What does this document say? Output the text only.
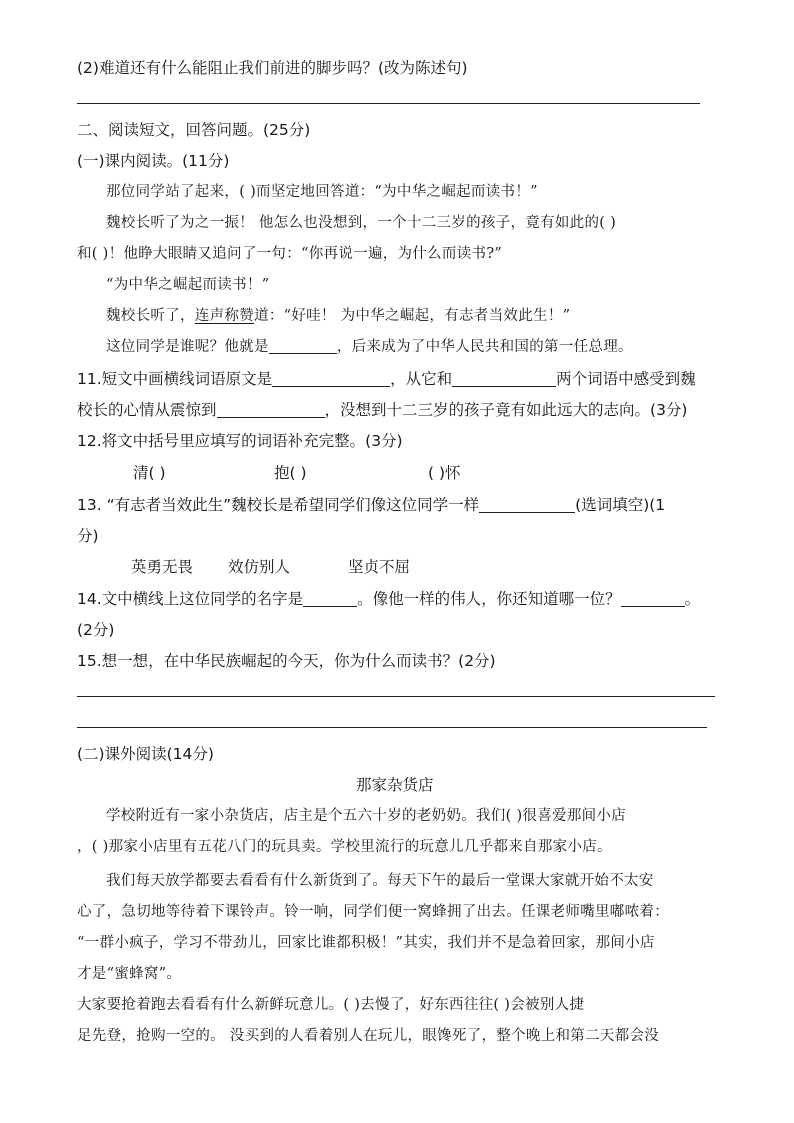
(2)难道还有什么能阻止我们前进的脚步吗？(改为陈述句)
二、阅读短文，回答问题。(25分)
(一)课内阅读。(11分)
那位同学站了起来，( )而坚定地回答道：“为中华之崛起而读书！”
魏校长听了为之一振！ 他怎么也没想到，一个十二三岁的孩子，竟有如此的( )
和( )！他睁大眼睛又追问了一句：“你再说一遍，为什么而读书?”
“为中华之崛起而读书！”
魏校长听了，连声称赞道：“好哇！ 为中华之崛起，有志者当效此生！”
这位同学是谁呢？他就是	，后来成为了中华人民共和国的第一任总理。
11.短文中画横线词语原文是	，从它和	两个词语中感受到魏
校长的心情从震惊到	，没想到十二三岁的孩子竟有如此远大的志向。(3分)
12.将文中括号里应填写的词语补充完整。(3分)
清( )	抱( )	( )怀
13. “有志者当效此生”魏校长是希望同学们像这位同学一样	(选词填空)(1
分)
英勇无畏 效仿别人	坚贞不屈
14.文中横线上这位同学的名字是	。像他一样的伟人，你还知道哪一位？	。
(2分)
15.想一想，在中华民族崛起的今天，你为什么而读书？(2分)
(二)课外阅读(14分)
那家杂货店
学校附近有一家小杂货店，店主是个五六十岁的老奶奶。我们( )很喜爱那间小店
，( )那家小店里有五花八门的玩具卖。学校里流行的玩意儿几乎都来自那家小店。
我们每天放学都要去看看有什么新货到了。每天下午的最后一堂课大家就开始不太安
心了，急切地等待着下课铃声。铃一响，同学们便一窝蜂拥了出去。任课老师嘴里嘟哝着：
“一群小疯子，学习不带劲儿，回家比谁都积极！”其实，我们并不是急着回家，那间小店
才是“蜜蜂窝”。
大家要抢着跑去看看有什么新鲜玩意儿。( )去慢了，好东西往往( )会被别人捷
足先登，抢购一空的。 没买到的人看着别人在玩儿，眼馋死了，整个晚上和第二天都会没
